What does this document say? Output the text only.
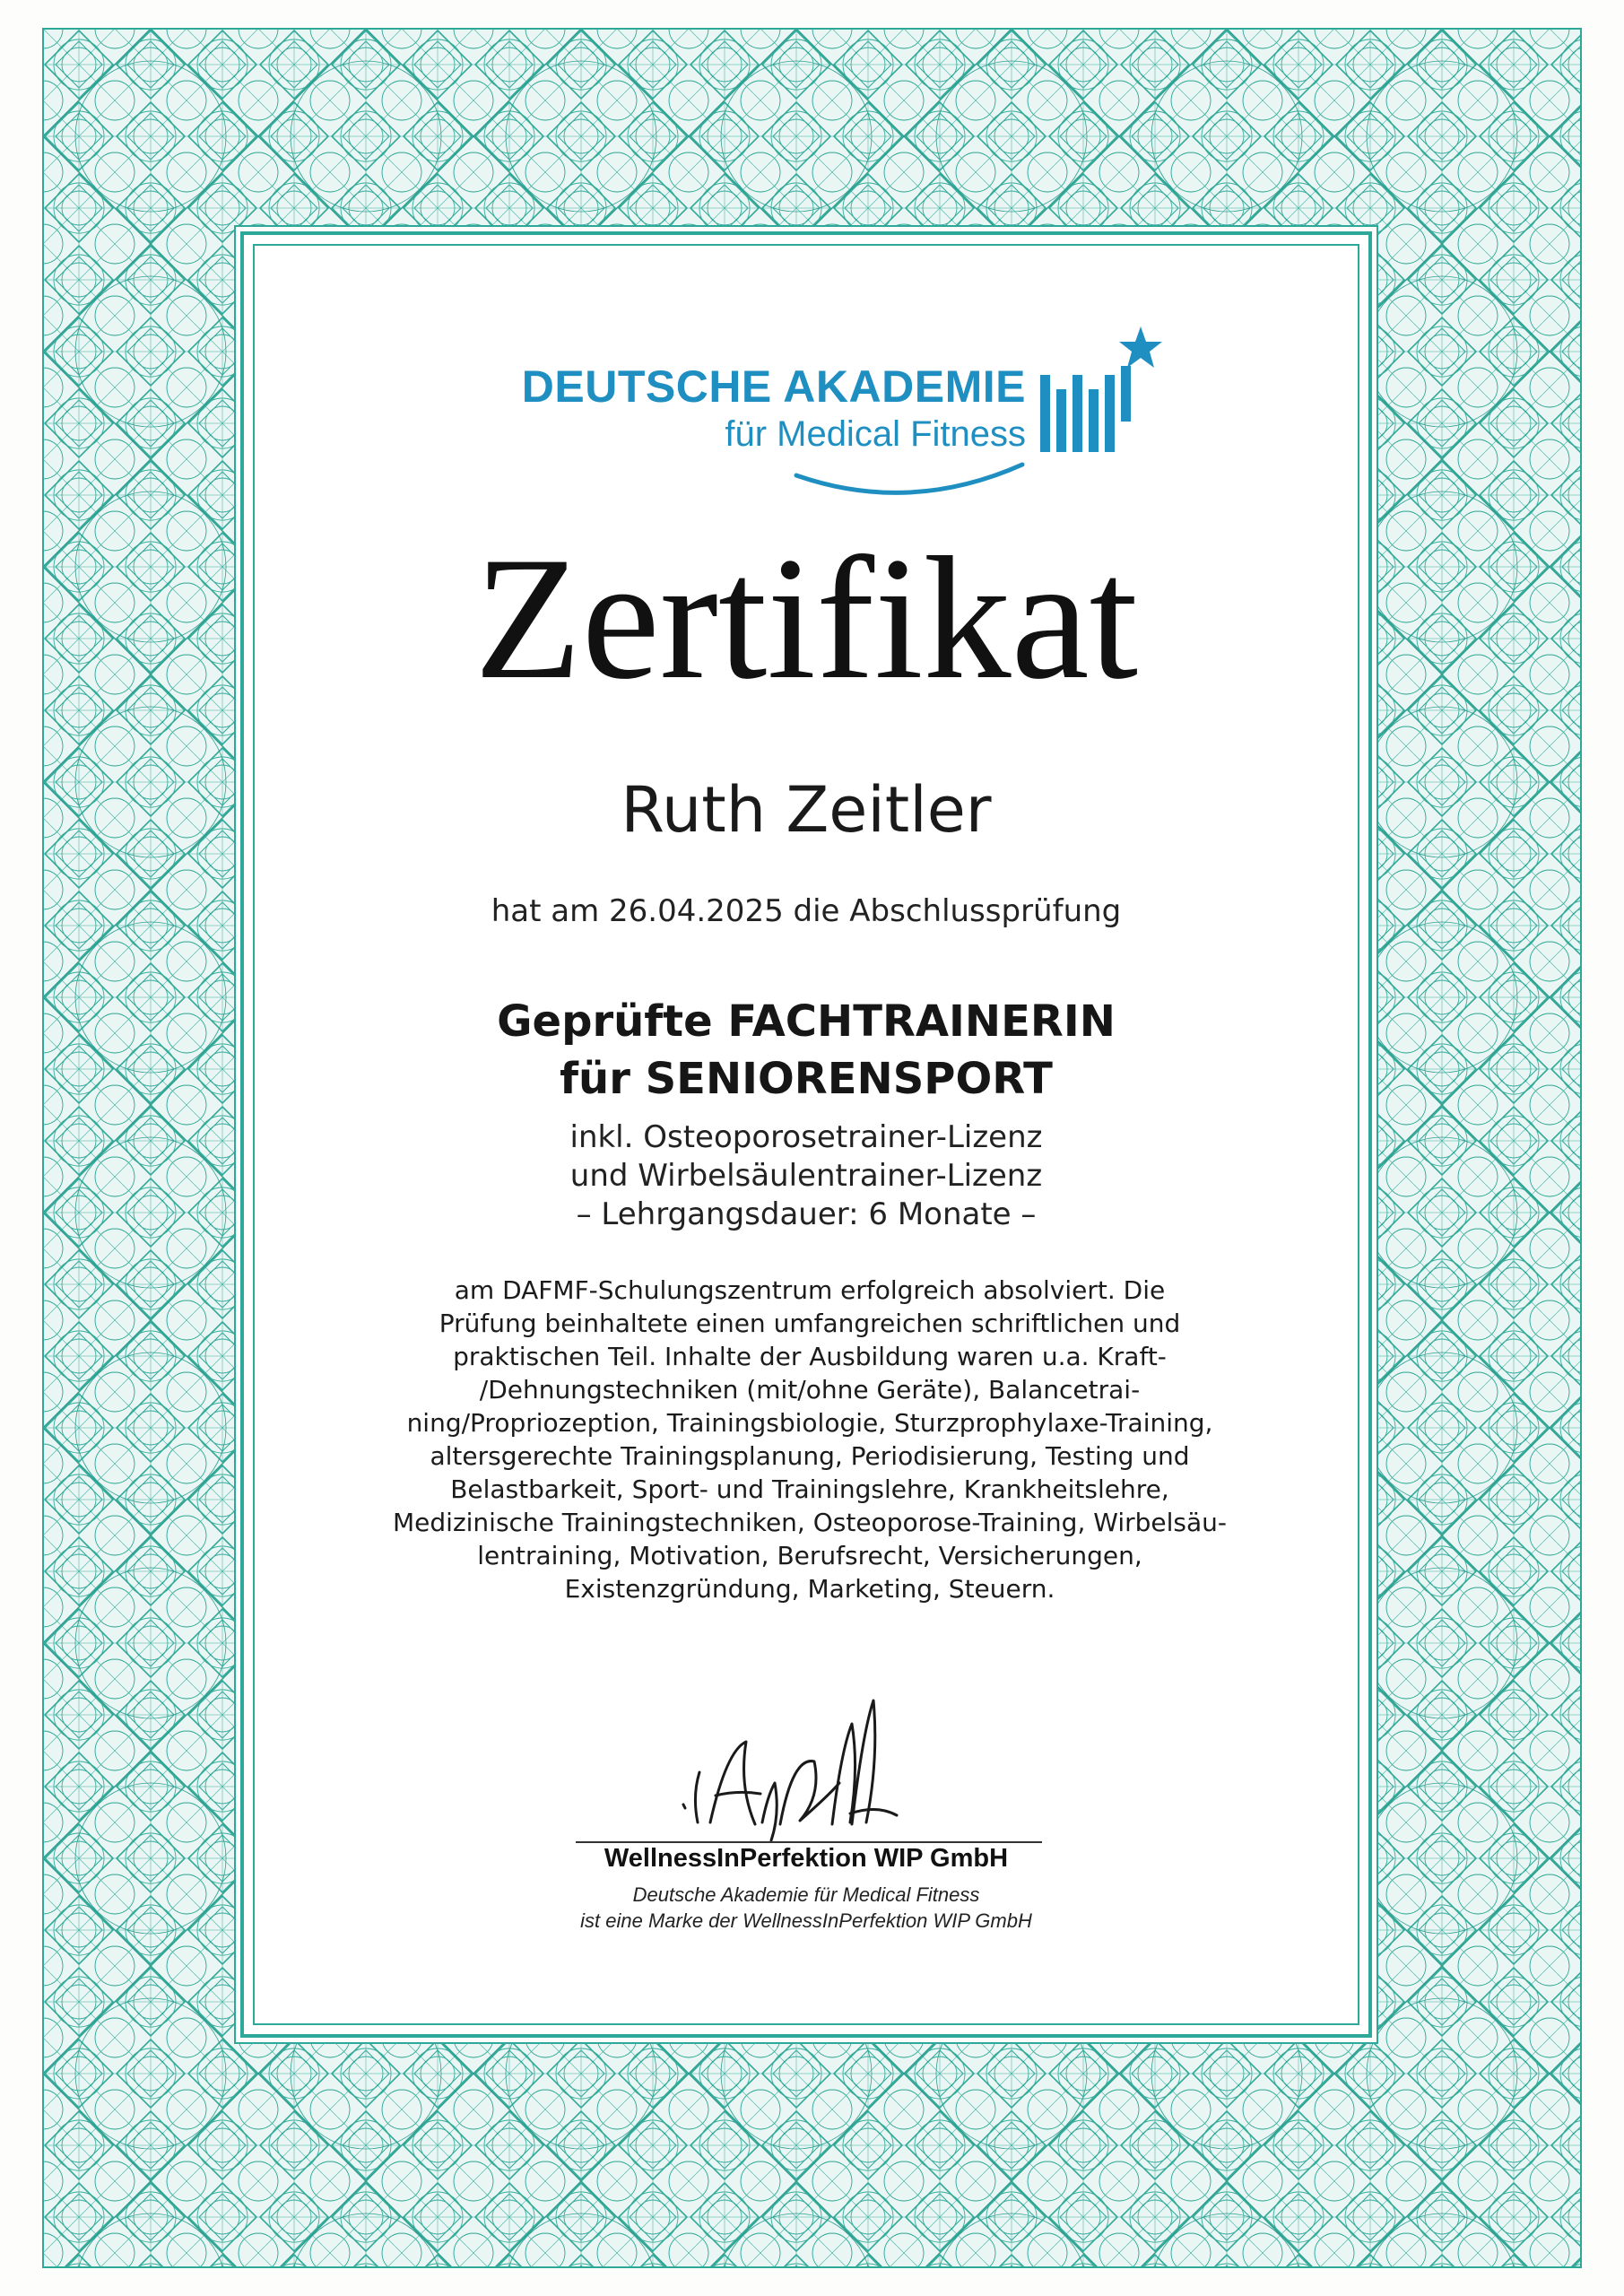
DEUTSCHE AKADEMIE
für Medical Fitness
Zertifikat
Ruth Zeitler
hat am 26.04.2025 die Abschlussprüfung
Geprüfte FACHTRAINERIN
für SENIORENSPORT
inkl. Osteoporosetrainer-Lizenz
und Wirbelsäulentrainer-Lizenz
– Lehrgangsdauer: 6 Monate –
am DAFMF-Schulungszentrum erfolgreich absolviert. Die
Prüfung beinhaltete einen umfangreichen schriftlichen und
praktischen Teil. Inhalte der Ausbildung waren u.a. Kraft-
/Dehnungstechniken (mit/ohne Geräte), Balancetrai-
ning/Propriozeption, Trainingsbiologie, Sturzprophylaxe-Training,
altersgerechte Trainingsplanung, Periodisierung, Testing und
Belastbarkeit, Sport- und Trainingslehre, Krankheitslehre,
Medizinische Trainingstechniken, Osteoporose-Training, Wirbelsäu-
lentraining, Motivation, Berufsrecht, Versicherungen,
Existenzgründung, Marketing, Steuern.
WellnessInPerfektion WIP GmbH
Deutsche Akademie für Medical Fitness
ist eine Marke der WellnessInPerfektion WIP GmbH
